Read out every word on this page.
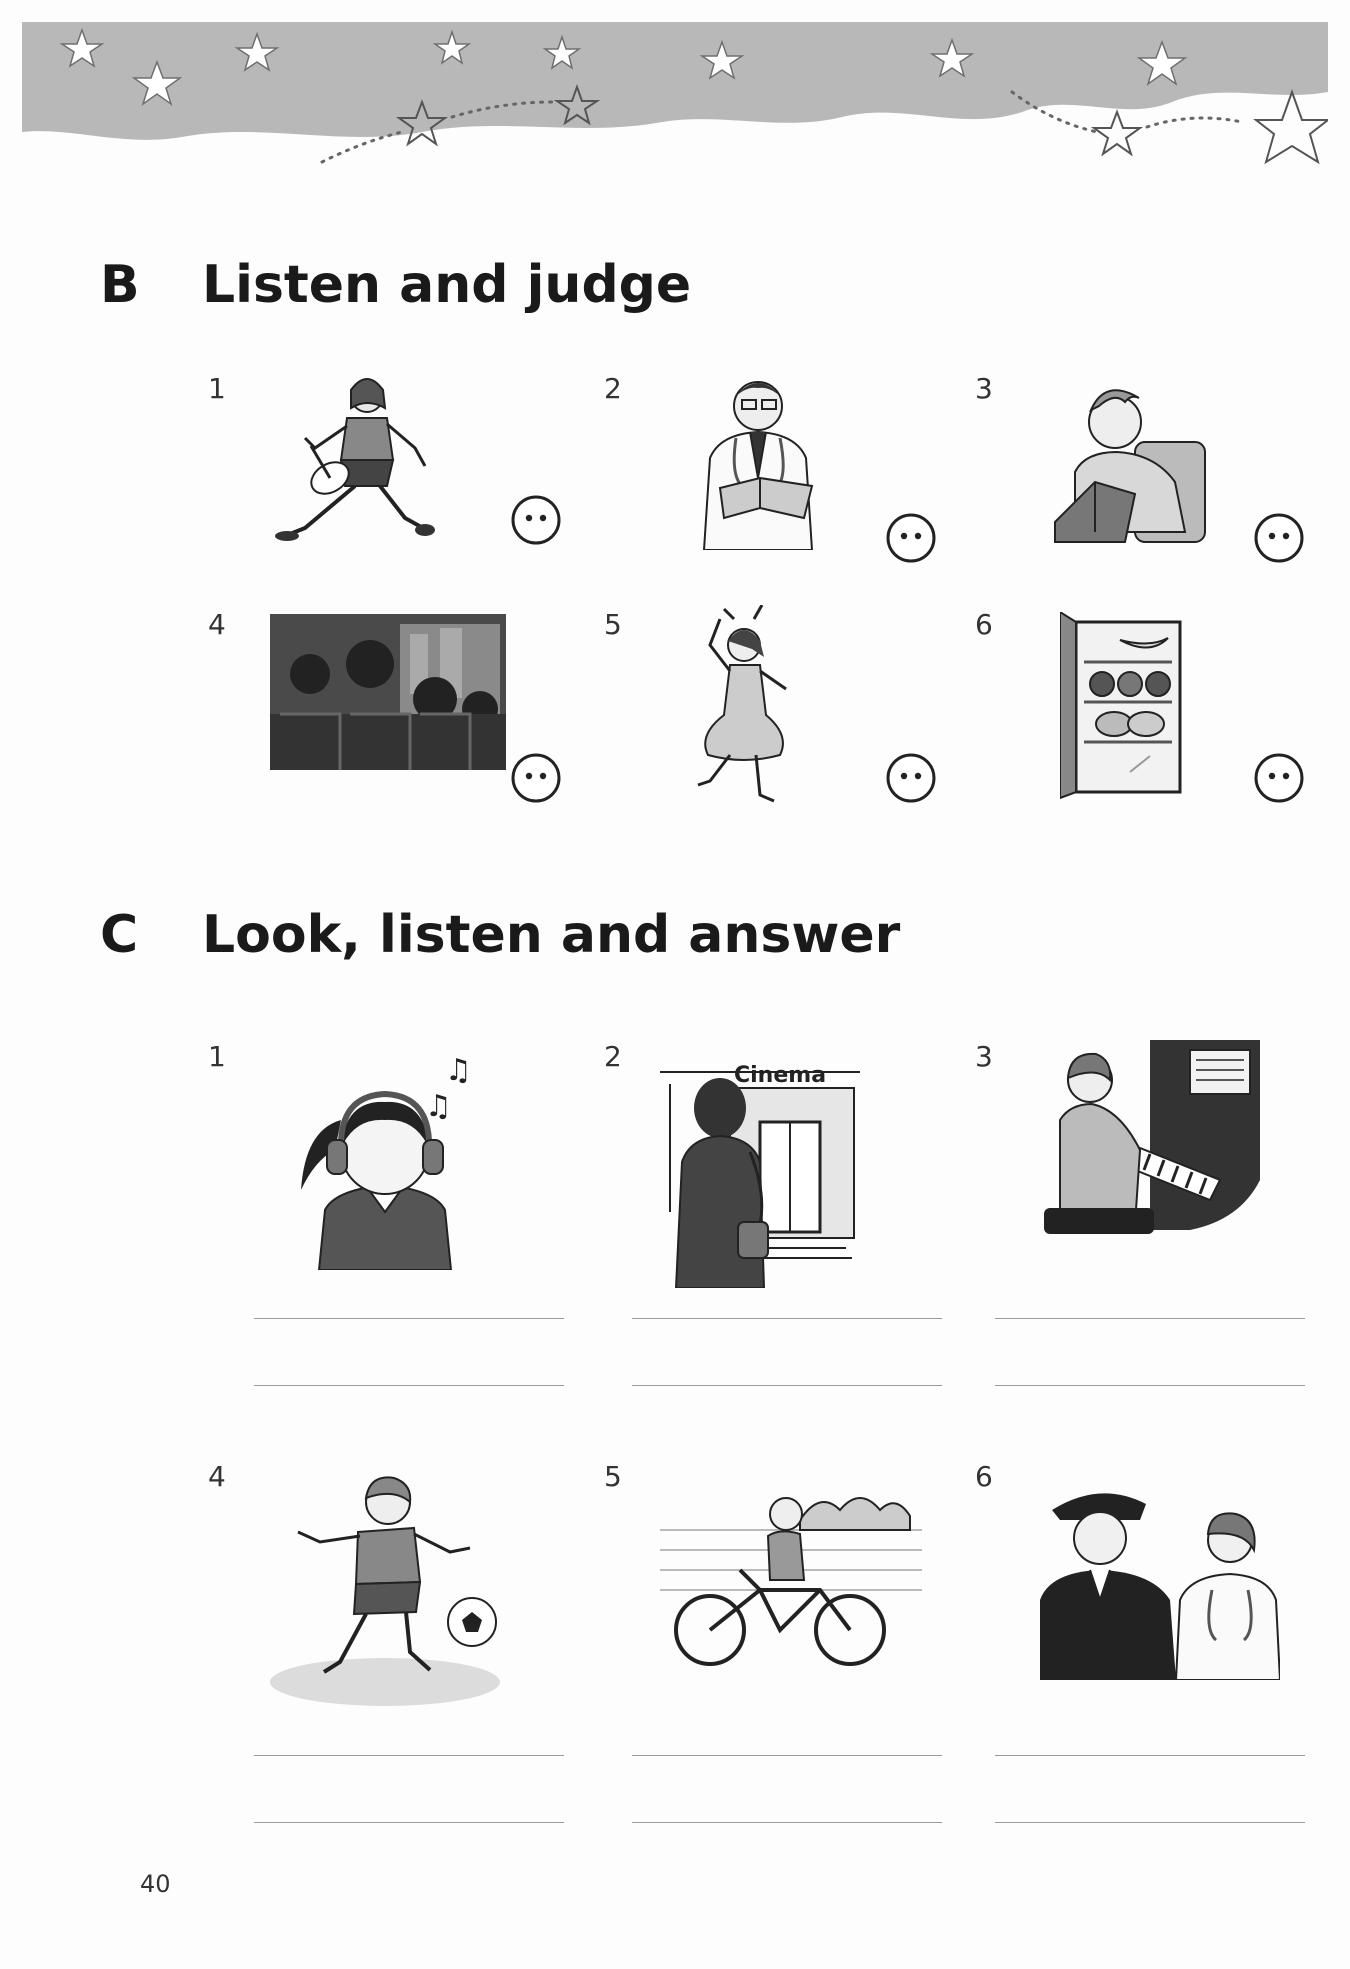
B Listen and judge
1	2	3
4	5	6
C Look, listen and answer
1	♫
♫
2
Cinema
3
4	5	6
40
